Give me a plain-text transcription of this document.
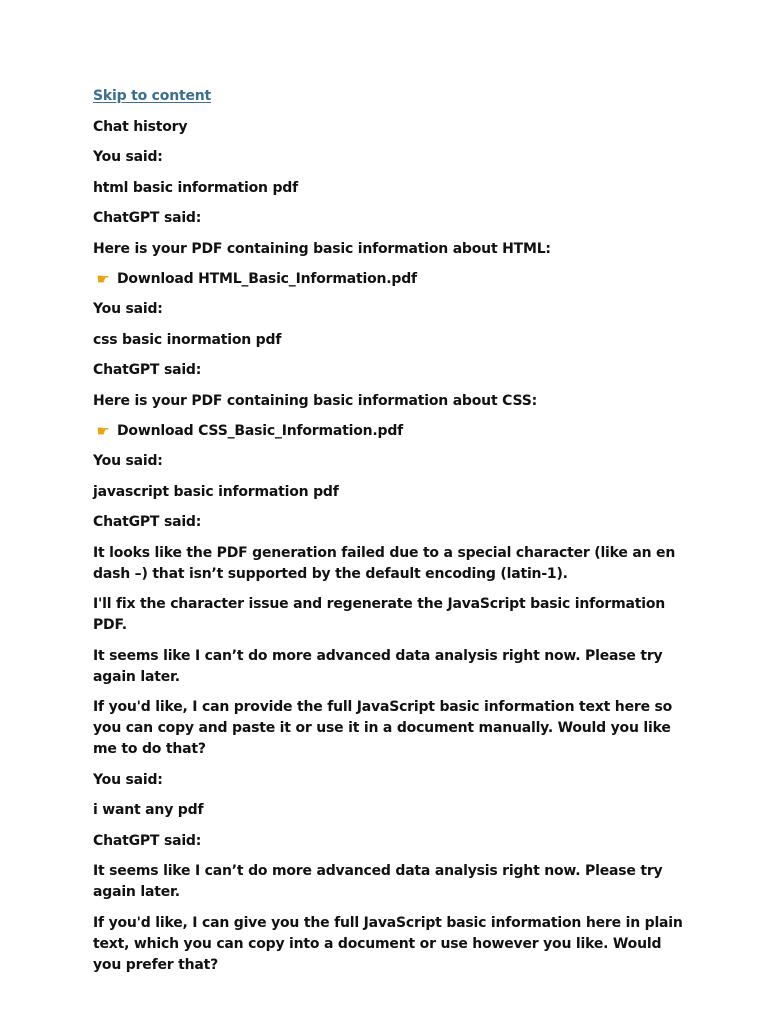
Skip to content
Chat history
You said:
html basic information pdf
ChatGPT said:
Here is your PDF containing basic information about HTML:
☛ Download HTML_Basic_Information.pdf
You said:
css basic inormation pdf
ChatGPT said:
Here is your PDF containing basic information about CSS:
☛ Download CSS_Basic_Information.pdf
You said:
javascript basic information pdf
ChatGPT said:
It looks like the PDF generation failed due to a special character (like an en dash –) that isn’t supported by the default encoding (latin-1).
I'll fix the character issue and regenerate the JavaScript basic information PDF.
It seems like I can’t do more advanced data analysis right now. Please try again later.
If you'd like, I can provide the full JavaScript basic information text here so you can copy and paste it or use it in a document manually. Would you like me to do that?
You said:
i want any pdf
ChatGPT said:
It seems like I can’t do more advanced data analysis right now. Please try again later.
If you'd like, I can give you the full JavaScript basic information here in plain text, which you can copy into a document or use however you like. Would you prefer that?
